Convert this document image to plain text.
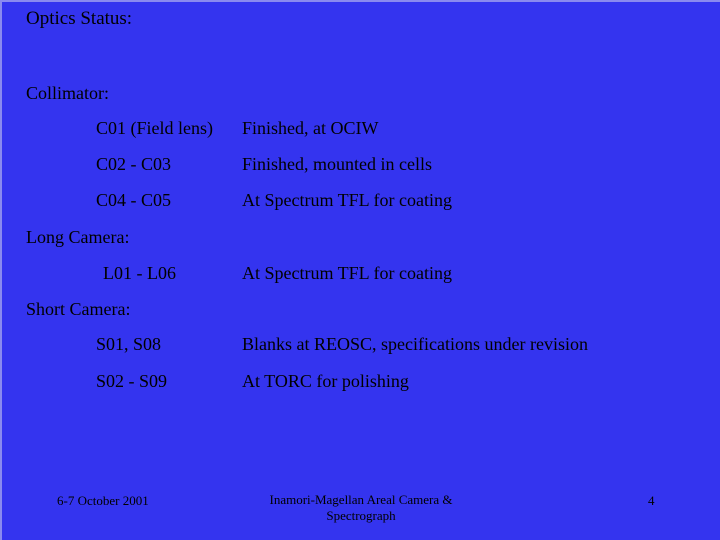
Optics Status:
Collimator:
C01 (Field lens) Finished, at OCIW
C02 - C03	Finished, mounted in cells
C04 - C05	At Spectrum TFL for coating
Long Camera:
L01 - L06	At Spectrum TFL for coating
Short Camera:
S01, S08	Blanks at REOSC, specifications under revision
S02 - S09	At TORC for polishing
6-7 October 2001	Inamori-Magellan Areal Camera &
Spectrograph
4
